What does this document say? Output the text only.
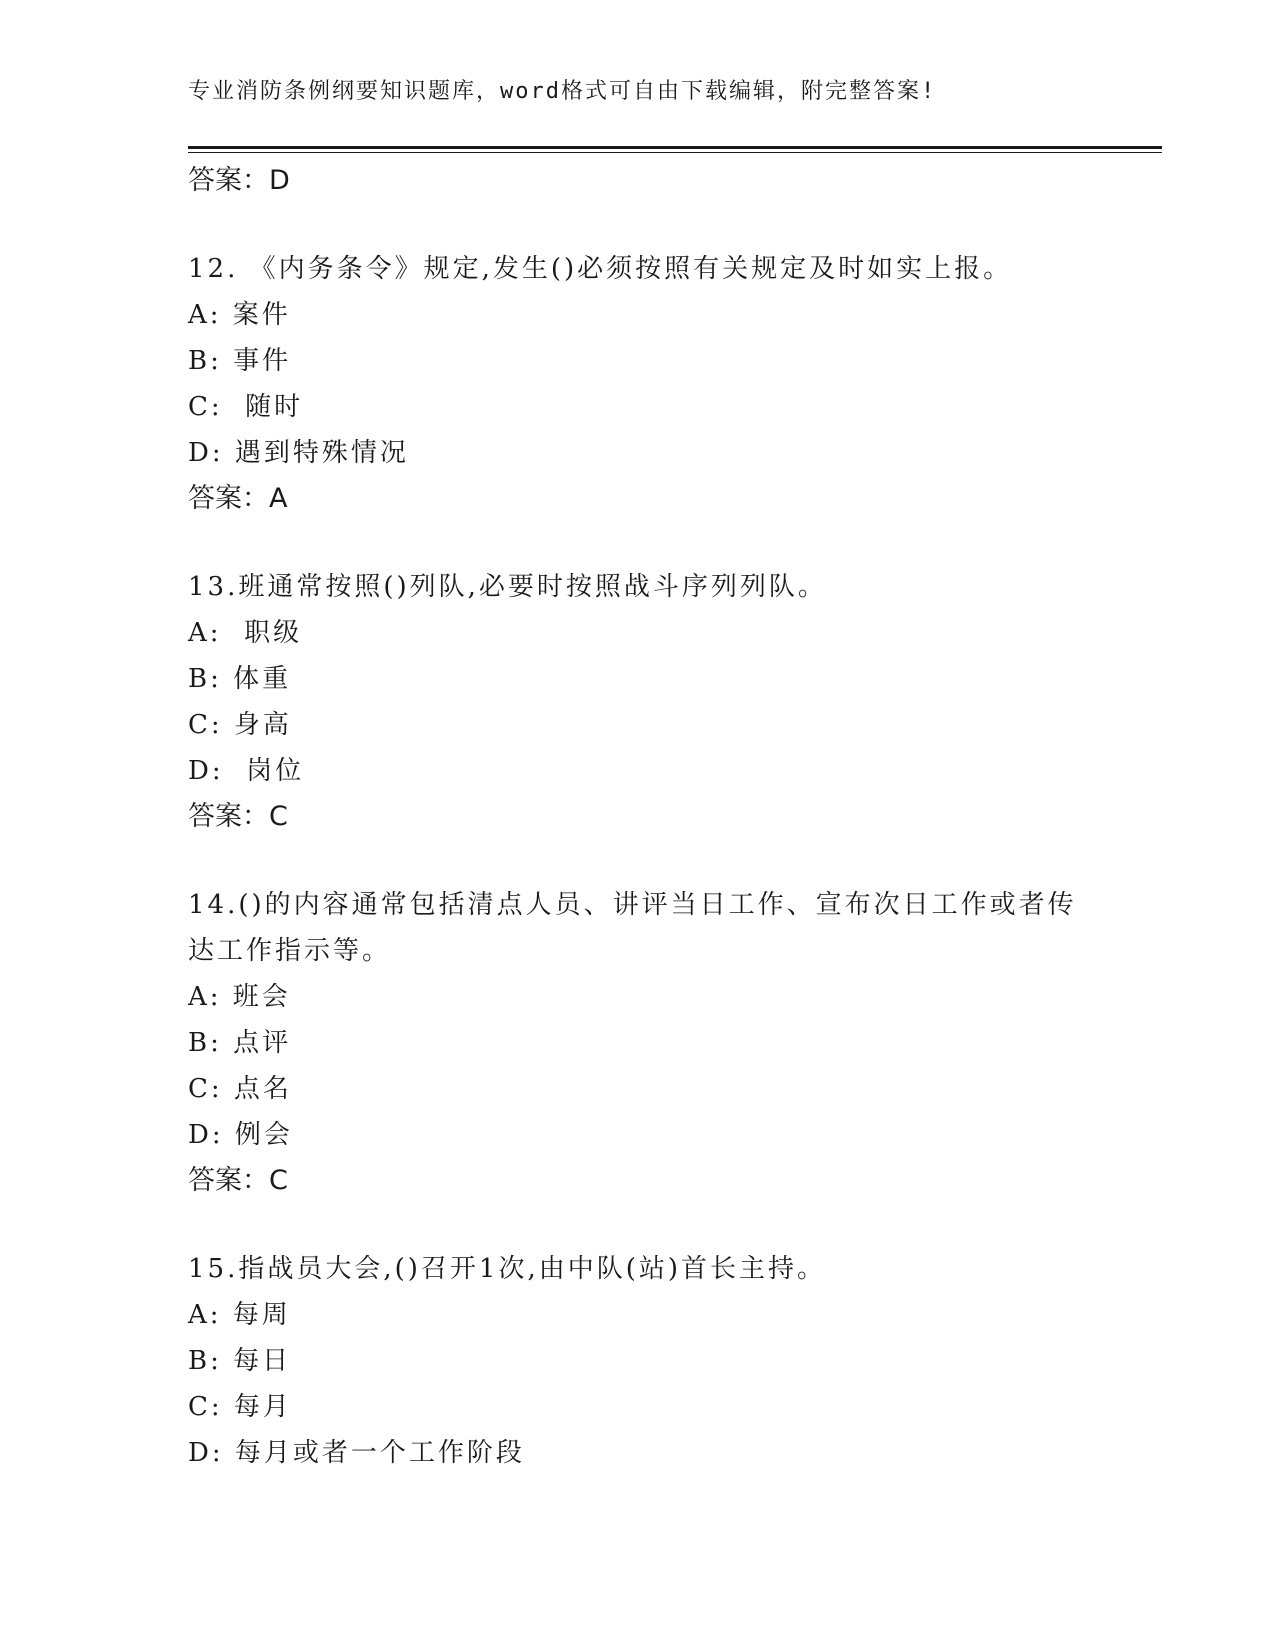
专业消防条例纲要知识题库，word格式可自由下载编辑，附完整答案!
答案：D
12. 《内务条令》规定,发生()必须按照有关规定及时如实上报。
A: 案件
B: 事件
C:  随时
D: 遇到特殊情况
答案：A
13.班通常按照()列队,必要时按照战斗序列列队。
A:  职级
B: 体重
C: 身高
D:  岗位
答案：C
14.()的内容通常包括清点人员、讲评当日工作、宣布次日工作或者传
达工作指示等。
A: 班会
B: 点评
C: 点名
D: 例会
答案：C
15.指战员大会,()召开1次,由中队(站)首长主持。
A: 每周
B: 每日
C: 每月
D: 每月或者一个工作阶段
